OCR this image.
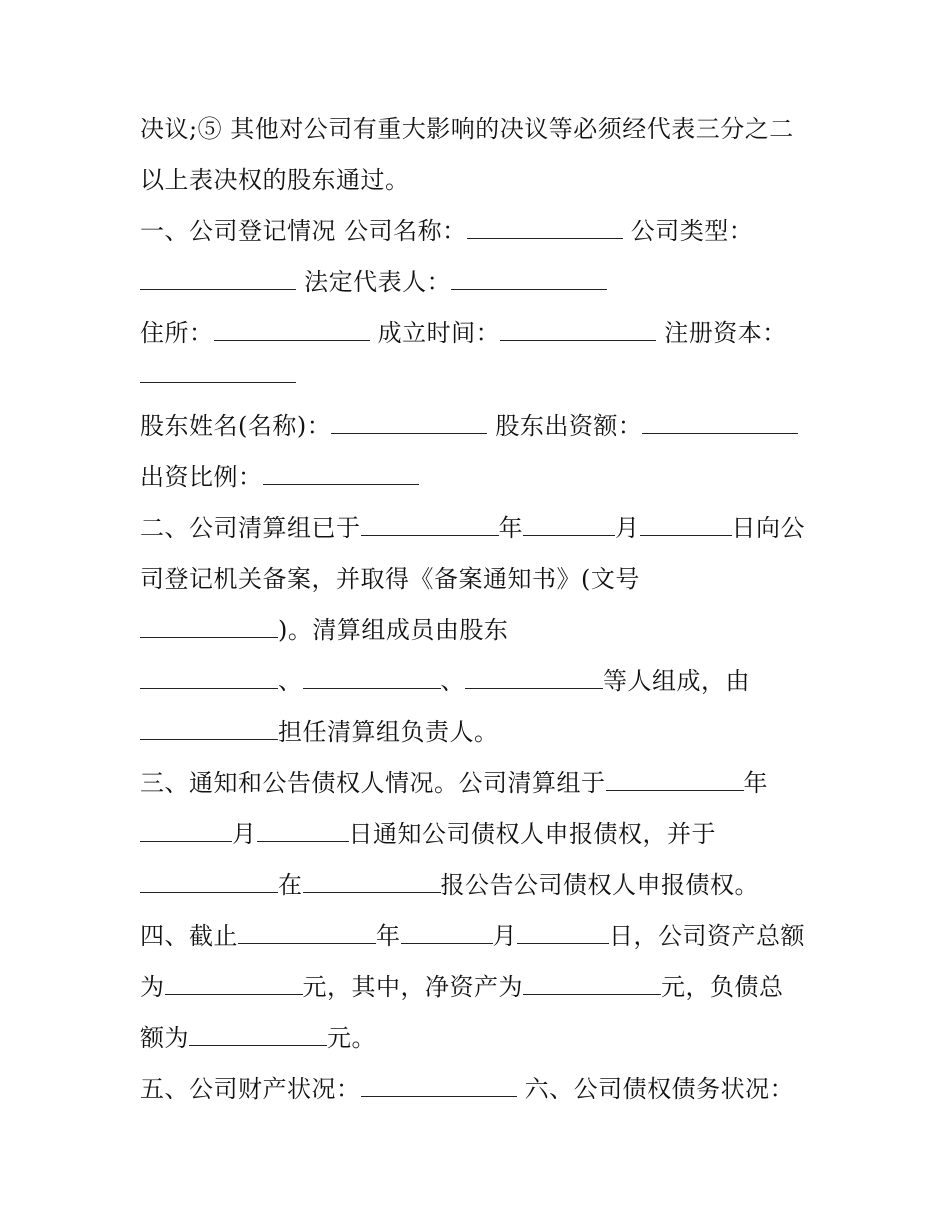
决议;⑤ 其他对公司有重大影响的决议等必须经代表三分之二
以上表决权的股东通过。
一、公司登记情况 公司名称：	公司类型：
法定代表人：
住所：	成立时间：	注册资本：
股东姓名(名称)：	股东出资额：
出资比例：
二、公司清算组已于	年	月	日向公
司登记机关备案，并取得《备案通知书》(文号
)。清算组成员由股东
、	、	等人组成，由
担任清算组负责人。
三、通知和公告债权人情况。公司清算组于	年
月	日通知公司债权人申报债权，并于
在	报公告公司债权人申报债权。
四、截止	年	月	日，公司资产总额
为	元，其中，净资产为	元，负债总
额为	元。
五、公司财产状况：	六、公司债权债务状况：
